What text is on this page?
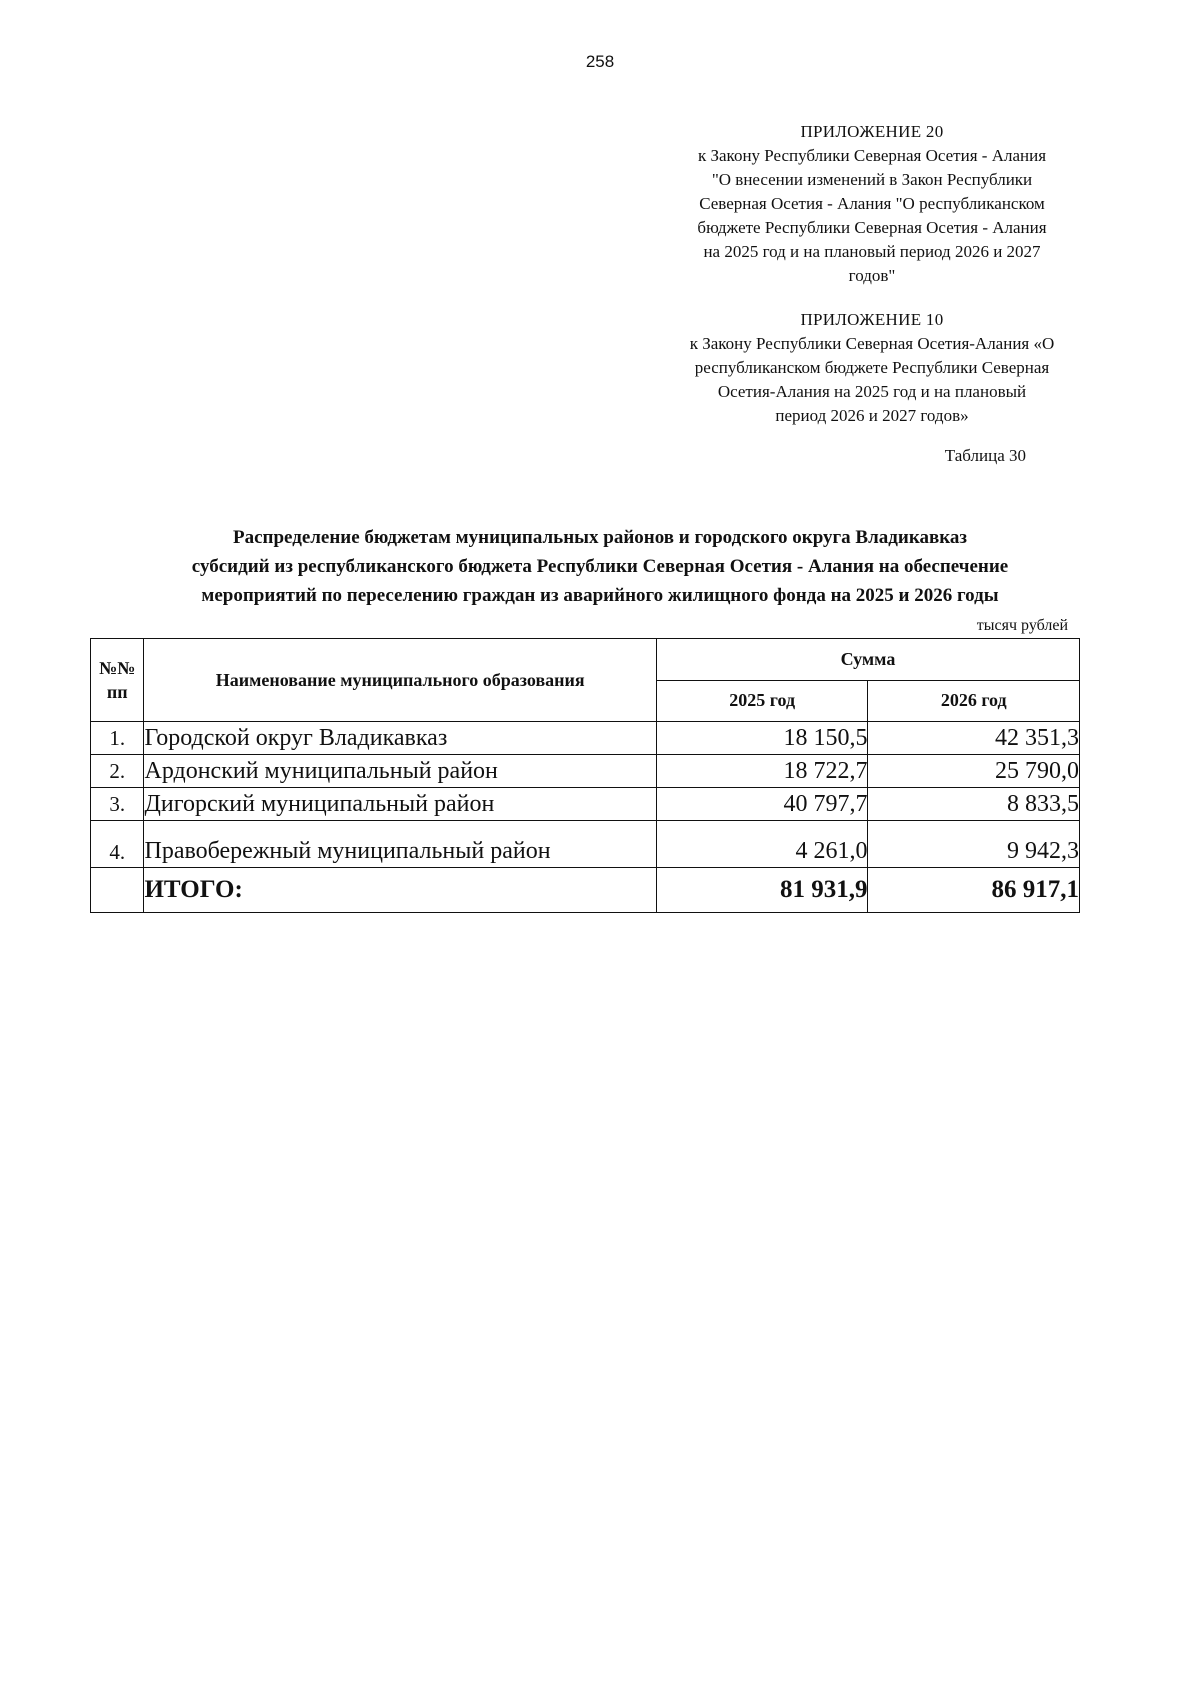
258
ПРИЛОЖЕНИЕ 20
к Закону Республики Северная Осетия - Алания
"О внесении изменений в Закон Республики
Северная Осетия - Алания "О республиканском
бюджете Республики Северная Осетия - Алания
на 2025 год и на плановый период 2026 и 2027
годов"
ПРИЛОЖЕНИЕ 10
к Закону Республики Северная Осетия-Алания «О
республиканском бюджете Республики Северная
Осетия-Алания на 2025 год и на плановый
период 2026 и 2027 годов»
Таблица 30
Распределение бюджетам муниципальных районов и городского округа Владикавказ
субсидий из республиканского бюджета Республики Северная Осетия - Алания на обеспечение
мероприятий по переселению граждан из аварийного жилищного фонда на 2025 и 2026 годы
тысяч рублей
№№
пп	Наименование муниципального образования	Сумма	
		2025 год	2026 год
1.	Городской округ Владикавказ	18 150,5	42 351,3
2.	Ардонский муниципальный район	18 722,7	25 790,0
3.	Дигорский муниципальный район	40 797,7	8 833,5
4.	Правобережный муниципальный район	4 261,0	9 942,3
	ИТОГО:	81 931,9	86 917,1
